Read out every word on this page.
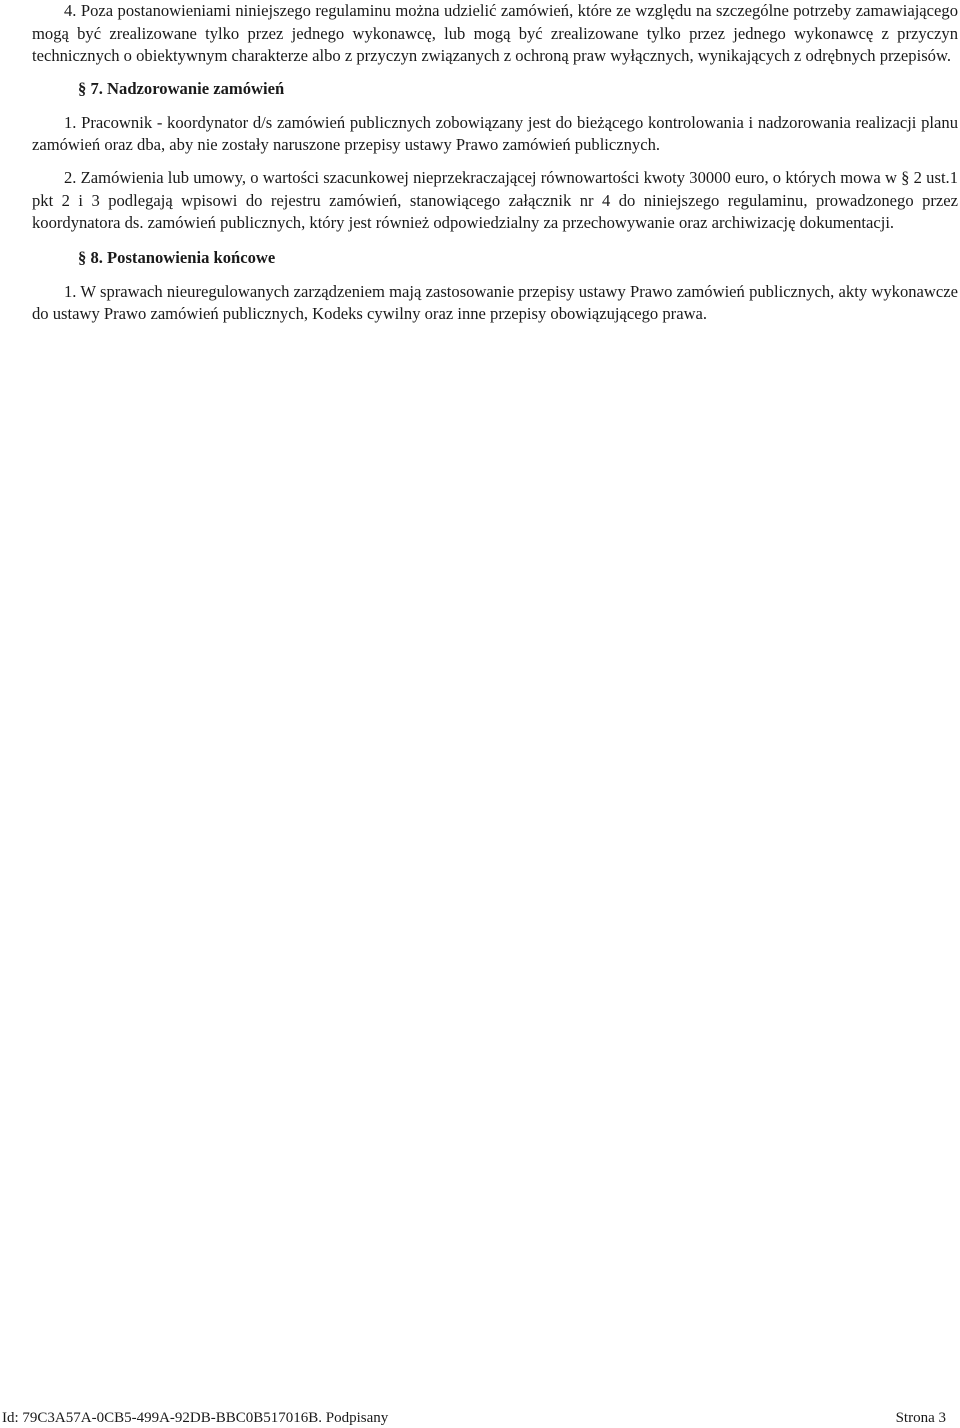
4. Poza postanowieniami niniejszego regulaminu można udzielić zamówień, które ze względu na szczególne potrzeby zamawiającego mogą być zrealizowane tylko przez jednego wykonawcę, lub mogą być zrealizowane tylko przez jednego wykonawcę z przyczyn technicznych o obiektywnym charakterze albo z przyczyn związanych z ochroną praw wyłącznych, wynikających z odrębnych przepisów.

§ 7. Nadzorowanie zamówień

1. Pracownik - koordynator d/s zamówień publicznych zobowiązany jest do bieżącego kontrolowania i nadzorowania realizacji planu zamówień oraz dba, aby nie zostały naruszone przepisy ustawy Prawo zamówień publicznych.

2. Zamówienia lub umowy, o wartości szacunkowej nieprzekraczającej równowartości kwoty 30000 euro, o których mowa w § 2 ust.1 pkt 2 i 3 podlegają wpisowi do rejestru zamówień, stanowiącego załącznik nr 4 do niniejszego regulaminu, prowadzonego przez koordynatora ds. zamówień publicznych, który jest również odpowiedzialny za przechowywanie oraz archiwizację dokumentacji.

§ 8. Postanowienia końcowe

1. W sprawach nieuregulowanych zarządzeniem mają zastosowanie przepisy ustawy Prawo zamówień publicznych, akty wykonawcze do ustawy Prawo zamówień publicznych, Kodeks cywilny oraz inne przepisy obowiązującego prawa.

Id: 79C3A57A-0CB5-499A-92DB-BBC0B517016B. Podpisany	Strona 3
